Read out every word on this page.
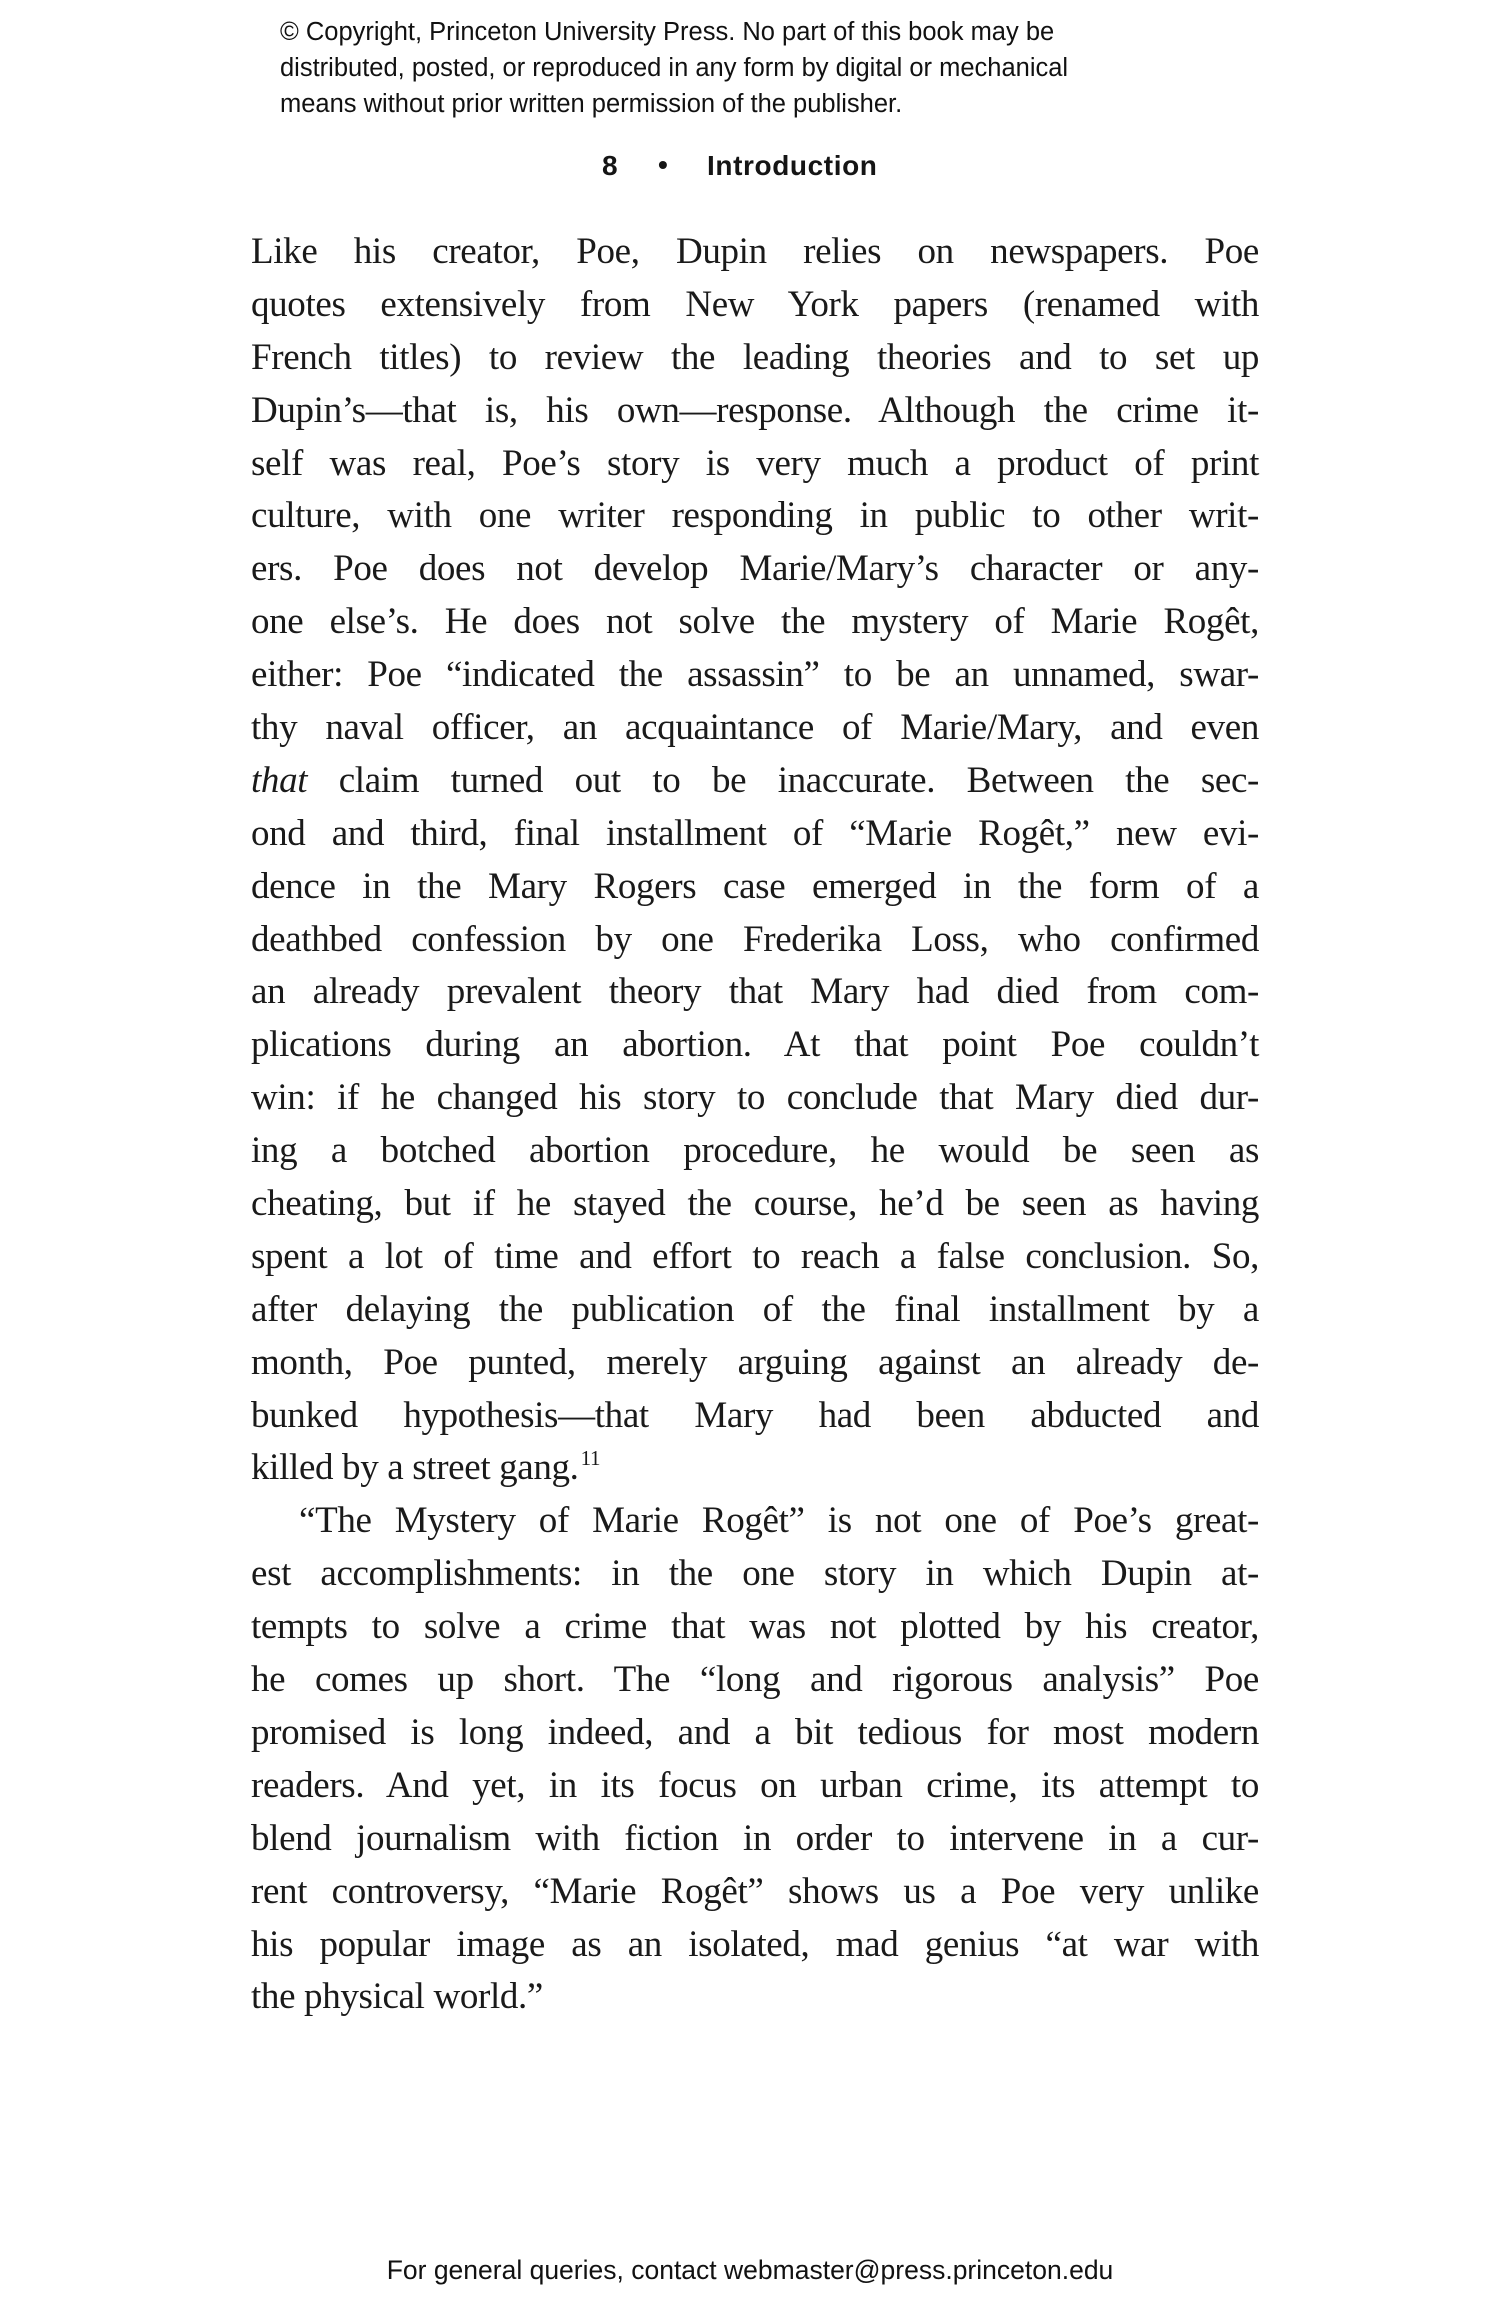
© Copyright, Princeton University Press. No part of this book may be
distributed, posted, or reproduced in any form by digital or mechanical
means without prior written permission of the publisher.
8 • Introduction
Like his creator, Poe, Dupin relies on newspapers. Poe
quotes extensively from New York papers (renamed with
French titles) to review the leading theories and to set up
Dupin’s—that is, his own—response. Although the crime it-
self was real, Poe’s story is very much a product of print
culture, with one writer responding in public to other writ-
ers. Poe does not develop Marie/Mary’s character or any-
one else’s. He does not solve the mystery of Marie Rogêt,
either: Poe “indicated the assassin” to be an unnamed, swar-
thy naval officer, an acquaintance of Marie/Mary, and even
that claim turned out to be inaccurate. Between the sec-
ond and third, final installment of “Marie Rogêt,” new evi-
dence in the Mary Rogers case emerged in the form of a
deathbed confession by one Frederika Loss, who confirmed
an already prevalent theory that Mary had died from com-
plications during an abortion. At that point Poe couldn’t
win: if he changed his story to conclude that Mary died dur-
ing a botched abortion procedure, he would be seen as
cheating, but if he stayed the course, he’d be seen as having
spent a lot of time and effort to reach a false conclusion. So,
after delaying the publication of the final installment by a
month, Poe punted, merely arguing against an already de-
bunked hypothesis—that Mary had been abducted and
killed by a street gang.$^{11}$
“The Mystery of Marie Rogêt” is not one of Poe’s great-
est accomplishments: in the one story in which Dupin at-
tempts to solve a crime that was not plotted by his creator,
he comes up short. The “long and rigorous analysis” Poe
promised is long indeed, and a bit tedious for most modern
readers. And yet, in its focus on urban crime, its attempt to
blend journalism with fiction in order to intervene in a cur-
rent controversy, “Marie Rogêt” shows us a Poe very unlike
his popular image as an isolated, mad genius “at war with
the physical world.”
For general queries, contact webmaster@press.princeton.edu
